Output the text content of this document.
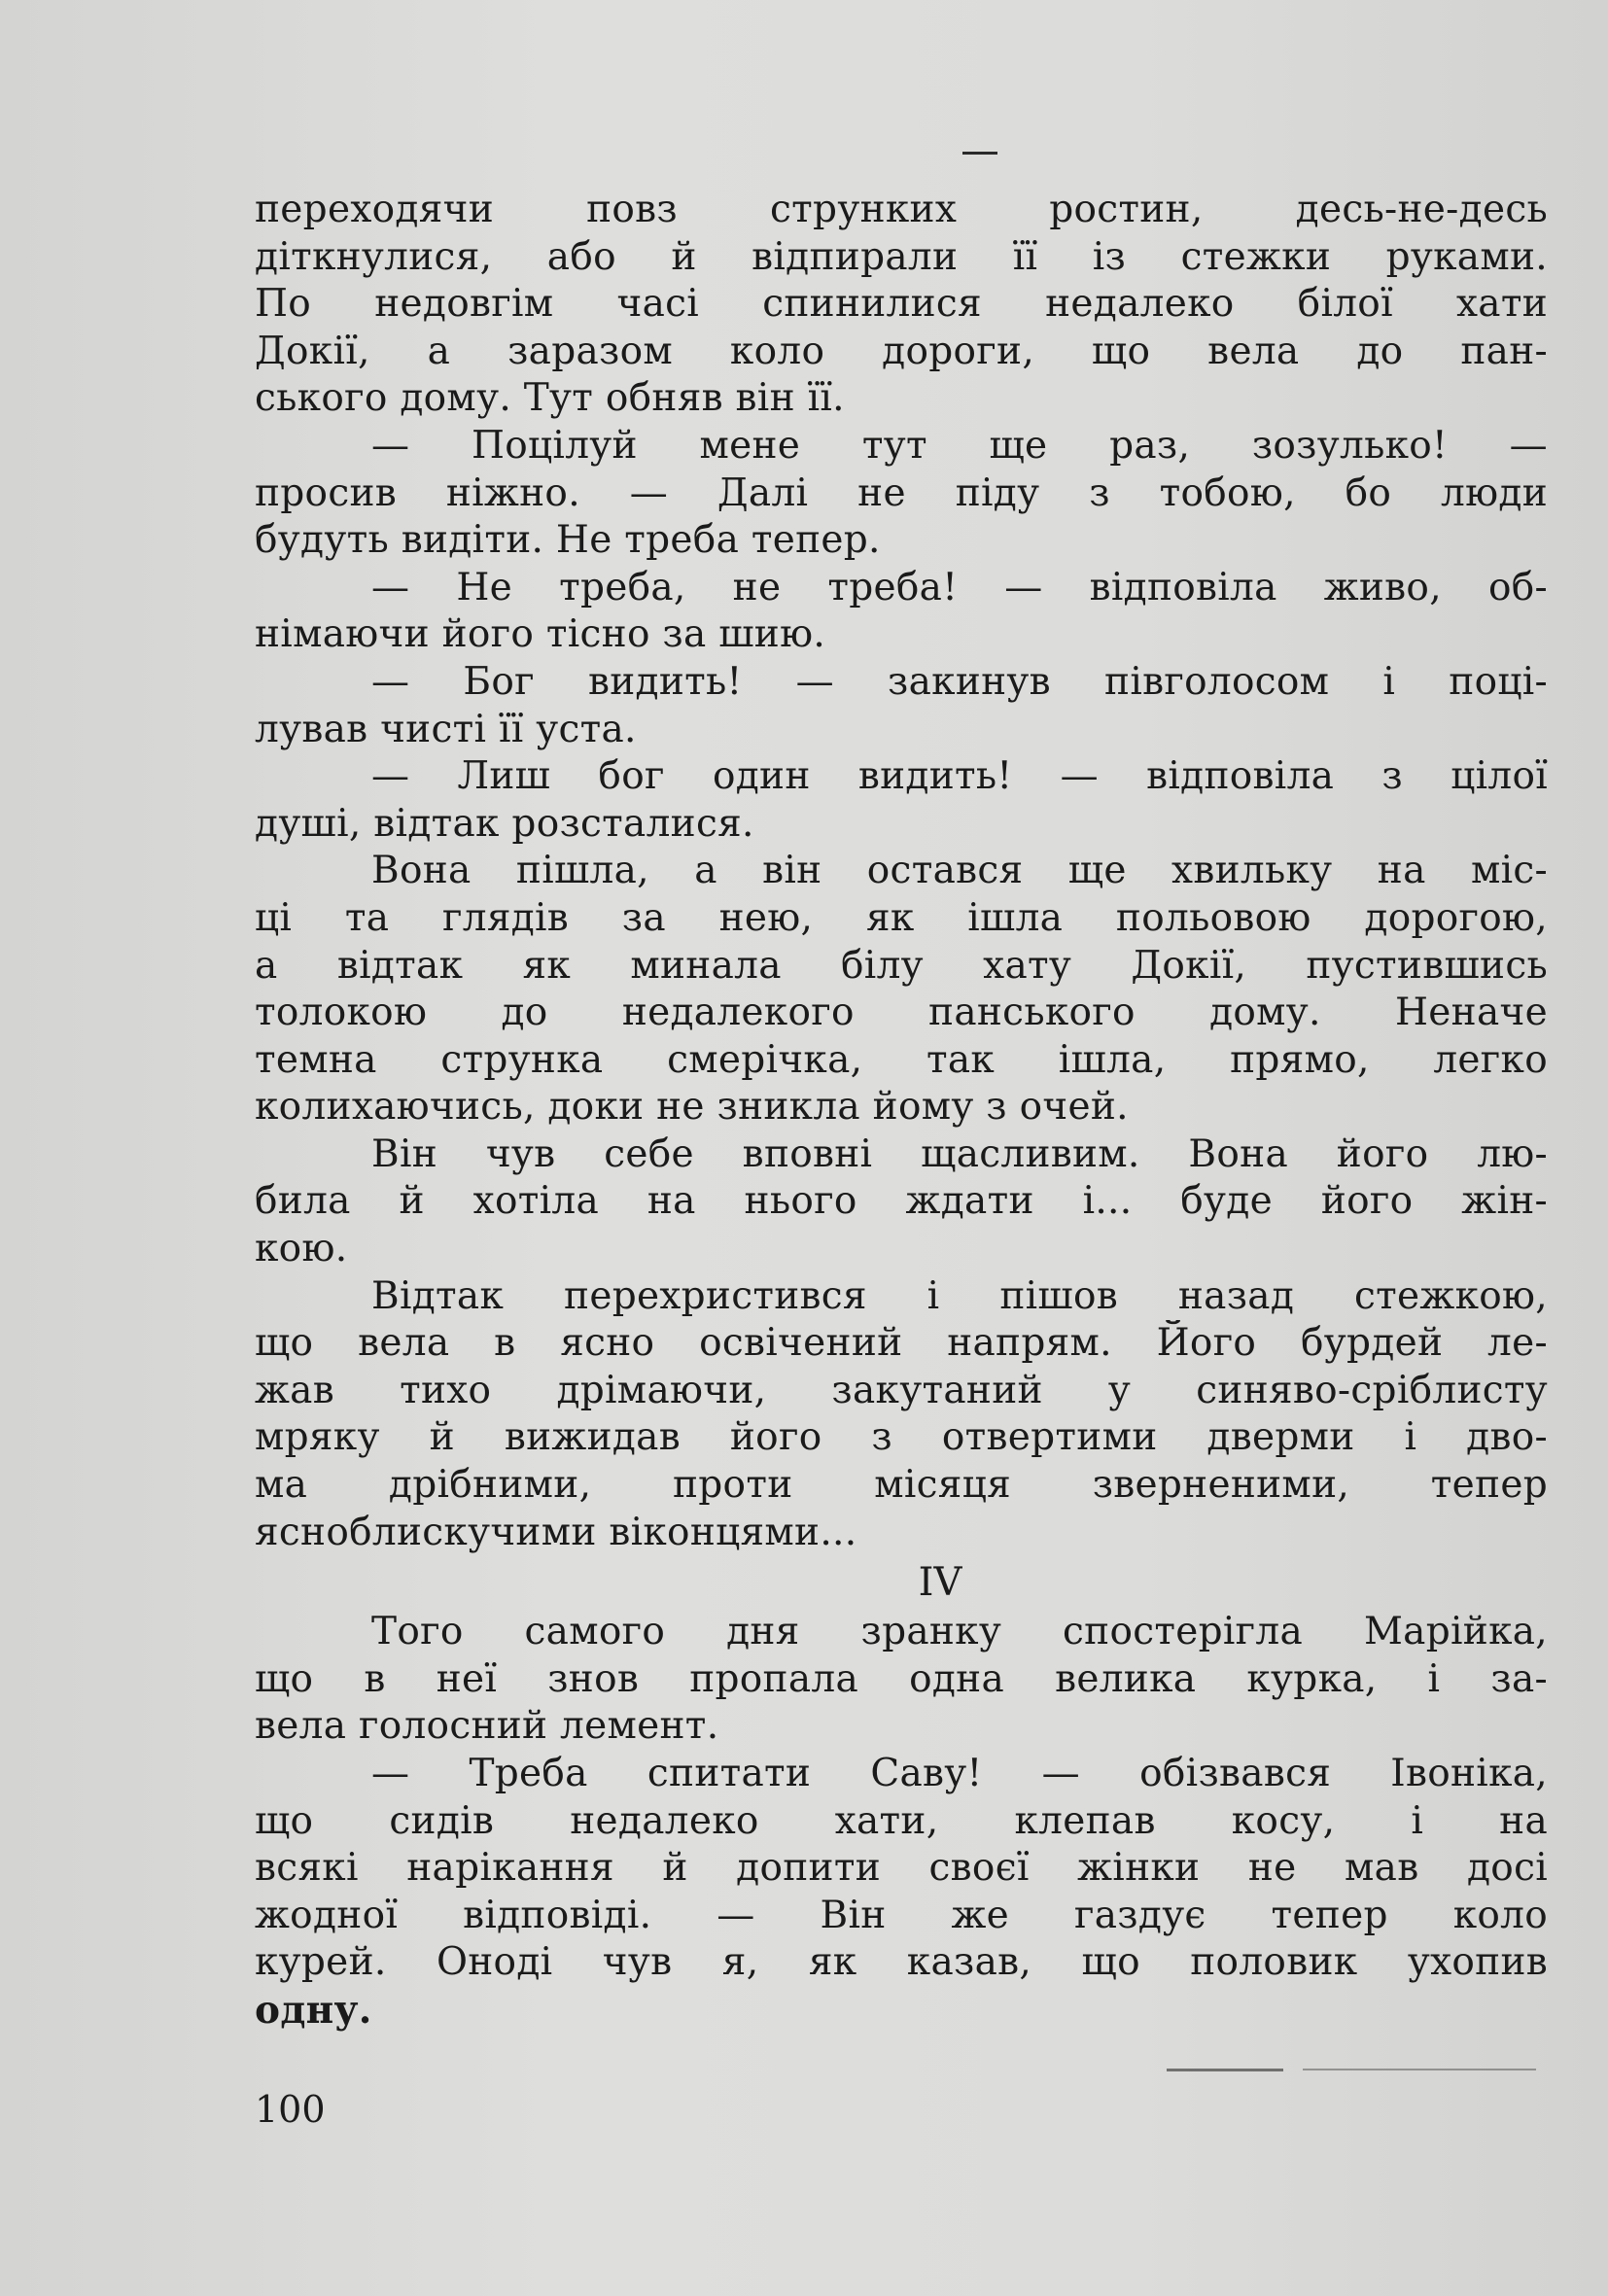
переходячи повз струнких ростин, десь-не-десь
діткнулися, або й відпирали її із стежки руками.
По недовгім часі спинилися недалеко білої хати
Докії, а заразом коло дороги, що вела до пан-
ського дому. Тут обняв він її.
— Поцілуй мене тут ще раз, зозулько! —
просив ніжно. — Далі не піду з тобою, бо люди
будуть видіти. Не треба тепер.
— Не треба, не треба! — відповіла живо, об-
німаючи його тісно за шию.
— Бог видить! — закинув півголосом і поці-
лував чисті її уста.
— Лиш бог один видить! — відповіла з цілої
душі, відтак розсталися.
Вона пішла, а він остався ще хвильку на міс-
ці та глядів за нею, як ішла польовою дорогою,
а відтак як минала білу хату Докії, пустившись
толокою до недалекого панського дому. Неначе
темна струнка смерічка, так ішла, прямо, легко
колихаючись, доки не зникла йому з очей.
Він чув себе вповні щасливим. Вона його лю-
била й хотіла на нього ждати і... буде його жін-
кою.
Відтак перехристився і пішов назад стежкою,
що вела в ясно освічений напрям. Його бурдей ле-
жав тихо дрімаючи, закутаний у синяво-сріблисту
мряку й вижидав його з отвертими дверми і дво-
ма дрібними, проти місяця зверненими, тепер
ясноблискучими віконцями...
IV
Того самого дня зранку спостерігла Марійка,
що в неї знов пропала одна велика курка, і за-
вела голосний лемент.
— Треба спитати Саву! — обізвався Івоніка,
що сидів недалеко хати, клепав косу, і на
всякі нарікання й допити своєї жінки не мав досі
жодної відповіді. — Він же газдує тепер коло
курей. Оноді чув я, як казав, що половик ухопив
одну.
100
